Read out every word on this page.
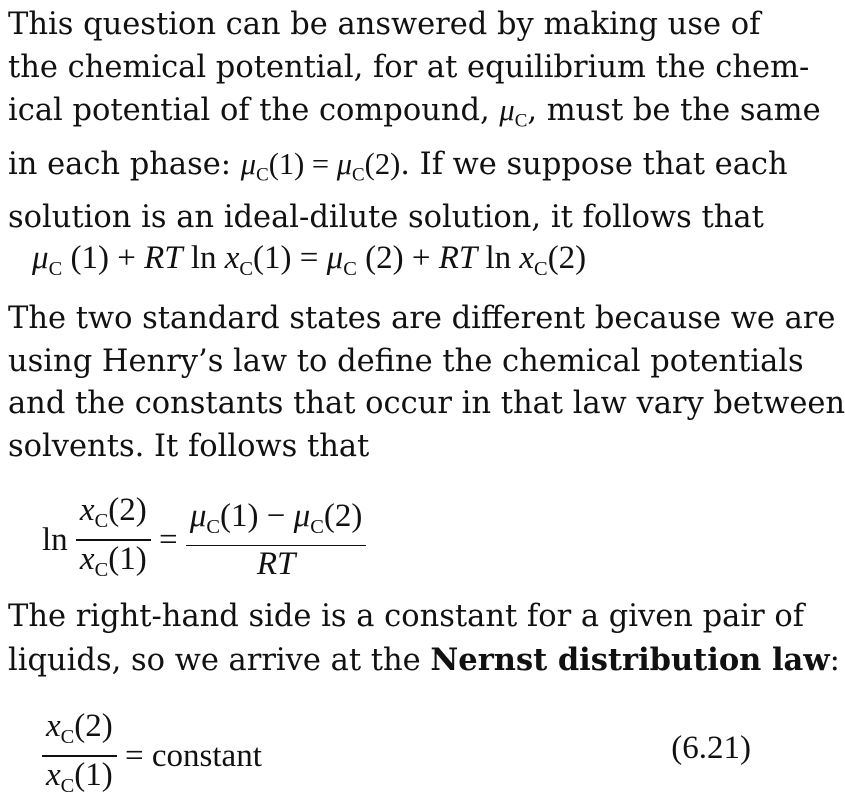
This question can be answered by making use of
the chemical potential, for at equilibrium the chem-
ical potential of the compound, $\mu_C$, must be the same
in each phase: $\mu_C(1) = \mu_C(2)$. If we suppose that each
solution is an ideal-dilute solution, it follows that
$\mu_C$ (1) + RT $\ln x_C(1) = \mu_C$ (2) + RT $\ln x_C(2)$
The two standard states are different because we are
using Henry’s law to define the chemical potentials
and the constants that occur in that law vary between
solvents. It follows that
$\ln \frac{x_C(2)}{x_C(1)} = \frac{\mu_C(1) - \mu_C(2)}{RT}$
The right-hand side is a constant for a given pair of
liquids, so we arrive at the Nernst distribution law:
$\frac{x_C(2)}{x_C(1)}$ = constant	(6.21)
